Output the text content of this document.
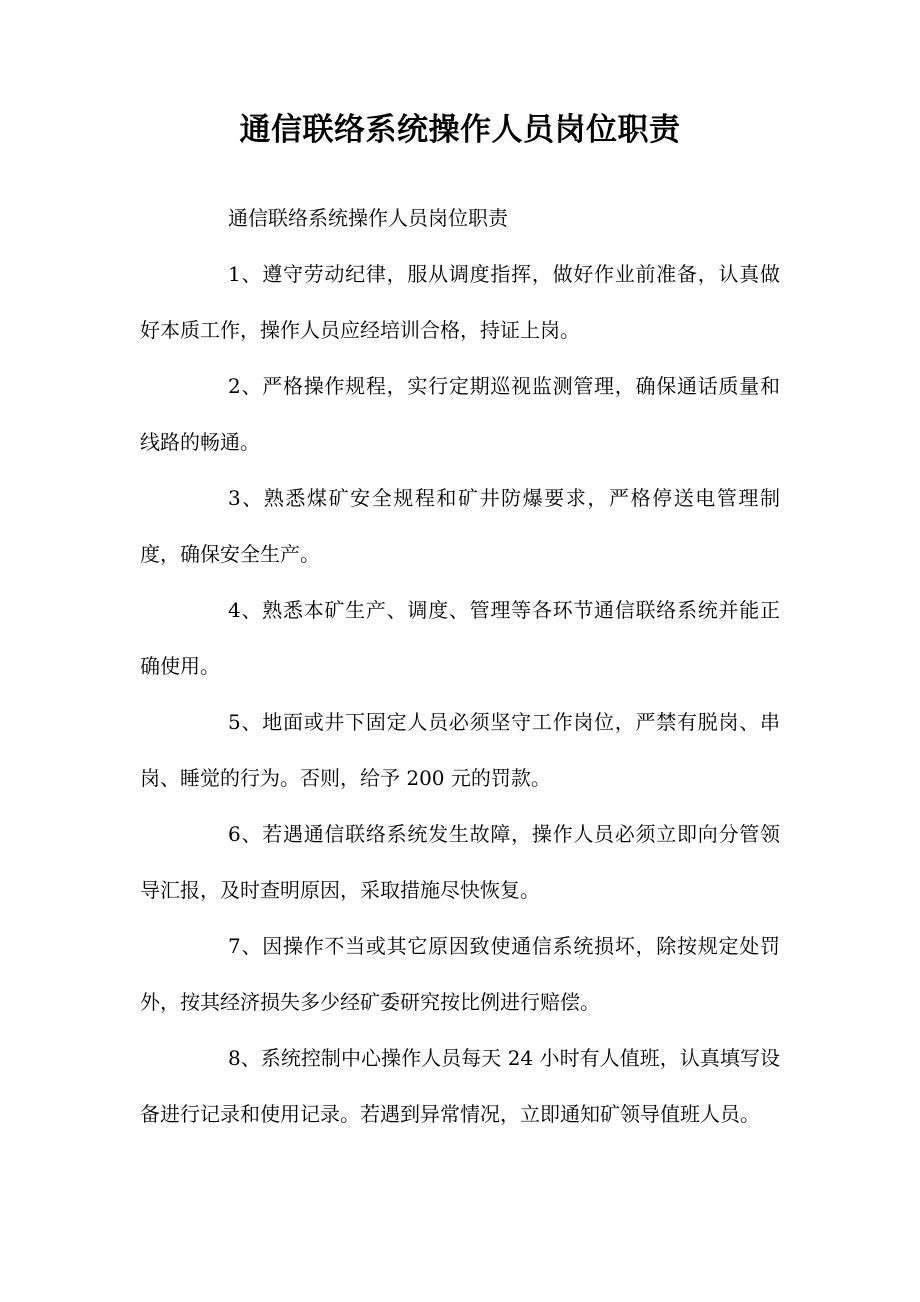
通信联络系统操作人员岗位职责

通信联络系统操作人员岗位职责

1、遵守劳动纪律，服从调度指挥，做好作业前准备，认真做好本质工作，操作人员应经培训合格，持证上岗。

2、严格操作规程，实行定期巡视监测管理，确保通话质量和线路的畅通。

3、熟悉煤矿安全规程和矿井防爆要求，严格停送电管理制度，确保安全生产。

4、熟悉本矿生产、调度、管理等各环节通信联络系统并能正确使用。

5、地面或井下固定人员必须坚守工作岗位，严禁有脱岗、串岗、睡觉的行为。否则，给予 200 元的罚款。

6、若遇通信联络系统发生故障，操作人员必须立即向分管领导汇报，及时查明原因，采取措施尽快恢复。

7、因操作不当或其它原因致使通信系统损坏，除按规定处罚外，按其经济损失多少经矿委研究按比例进行赔偿。

8、系统控制中心操作人员每天 24 小时有人值班，认真填写设备进行记录和使用记录。若遇到异常情况，立即通知矿领导值班人员。
